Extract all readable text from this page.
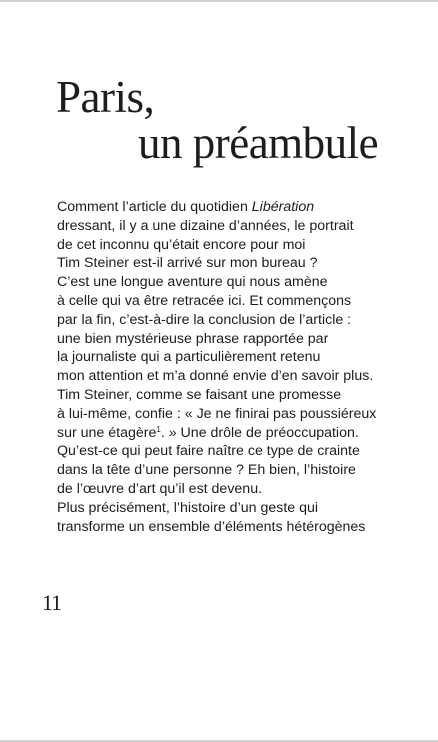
Paris,
un préambule
Comment l’article du quotidien Libération
dressant, il y a une dizaine d’années, le portrait
de cet inconnu qu’était encore pour moi
Tim Steiner est-il arrivé sur mon bureau ?
C’est une longue aventure qui nous amène
à celle qui va être retracée ici. Et commençons
par la fin, c’est-à-dire la conclusion de l’article :
une bien mystérieuse phrase rapportée par
la journaliste qui a particulièrement retenu
mon attention et m’a donné envie d’en savoir plus.
Tim Steiner, comme se faisant une promesse
à lui-même, confie : « Je ne finirai pas poussiéreux
sur une étagère$^1$. » Une drôle de préoccupation.
Qu’est-ce qui peut faire naître ce type de crainte
dans la tête d’une personne ? Eh bien, l’histoire
de l’œuvre d’art qu’il est devenu.
Plus précisément, l’histoire d’un geste qui
transforme un ensemble d’éléments hétérogènes
11
